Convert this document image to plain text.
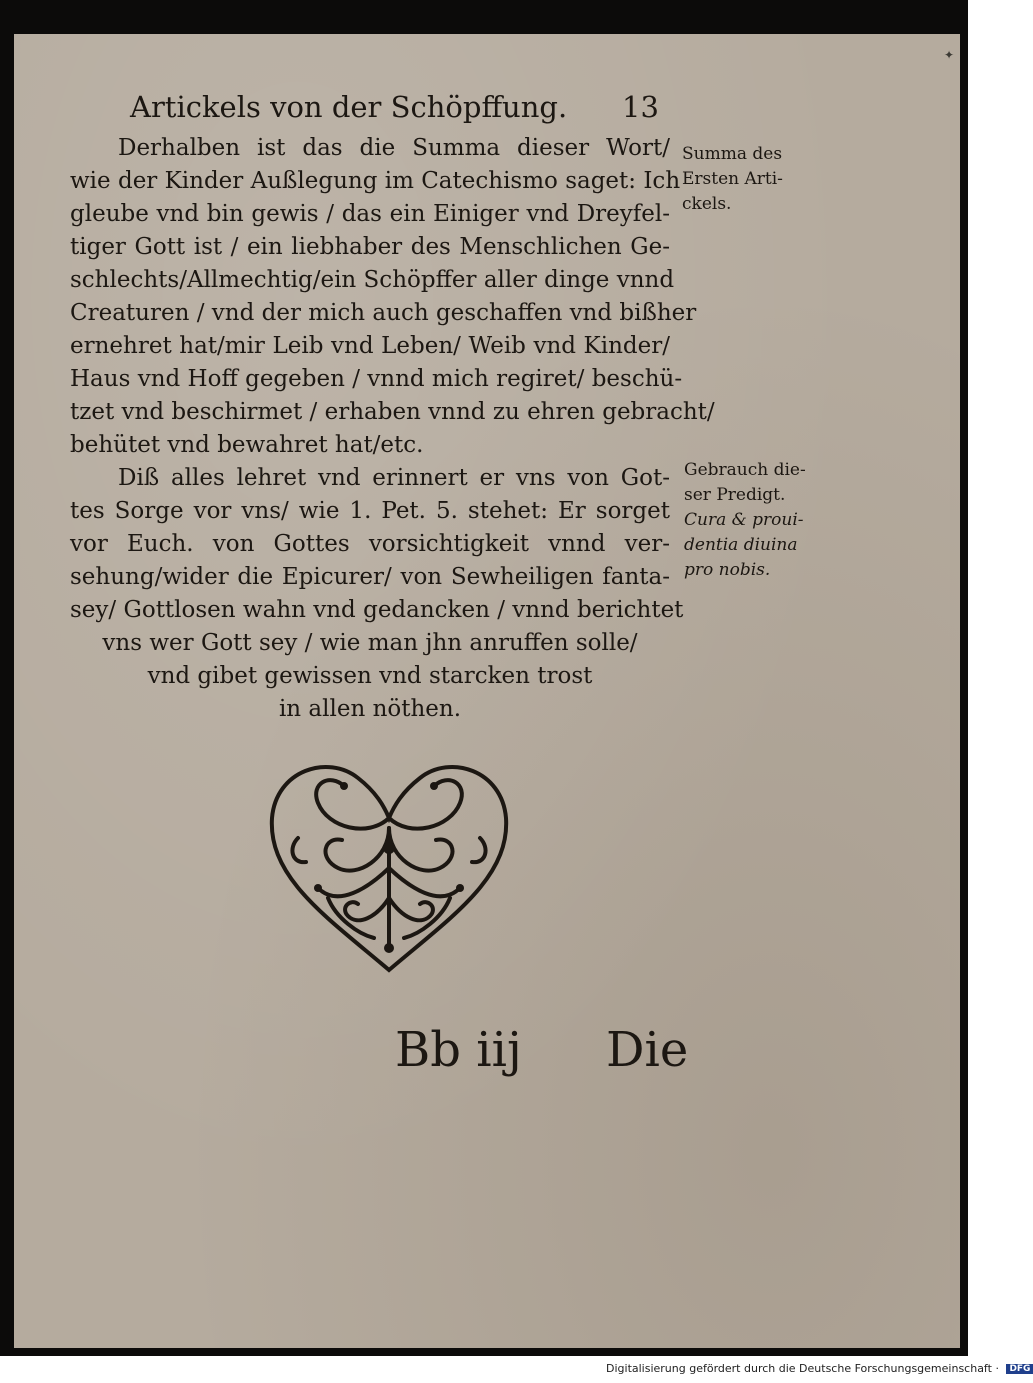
✦
Artickels von der Schöpffung. 13
Derhalben ist das die Summa dieser Wort/
wie der Kinder Außlegung im Catechismo saget: Ich
gleube vnd bin gewis / das ein Einiger vnd Dreyfel-
tiger Gott ist / ein liebhaber des Menschlichen Ge-
schlechts/Allmechtig/ein Schöpffer aller dinge vnnd
Creaturen / vnd der mich auch geschaffen vnd bißher
ernehret hat/mir Leib vnd Leben/ Weib vnd Kinder/
Haus vnd Hoff gegeben / vnnd mich regiret/ beschü-
tzet vnd beschirmet / erhaben vnnd zu ehren gebracht/
behütet vnd bewahret hat/etc.
Diß alles lehret vnd erinnert er vns von Got-
tes Sorge vor vns/ wie 1. Pet. 5. stehet: Er sorget
vor Euch. von Gottes vorsichtigkeit vnnd ver-
sehung/wider die Epicurer/ von Sewheiligen fanta-
sey/ Gottlosen wahn vnd gedancken / vnnd berichtet
vns wer Gott sey / wie man jhn anruffen solle/
vnd gibet gewissen vnd starcken trost
in allen nöthen.
Summa des
Ersten Arti-
ckels.
Gebrauch die-
ser Predigt.
Cura & proui-
dentia diuina
pro nobis.
Bb iij Die
Digitalisierung gefördert durch die Deutsche Forschungsgemeinschaft · DFG
